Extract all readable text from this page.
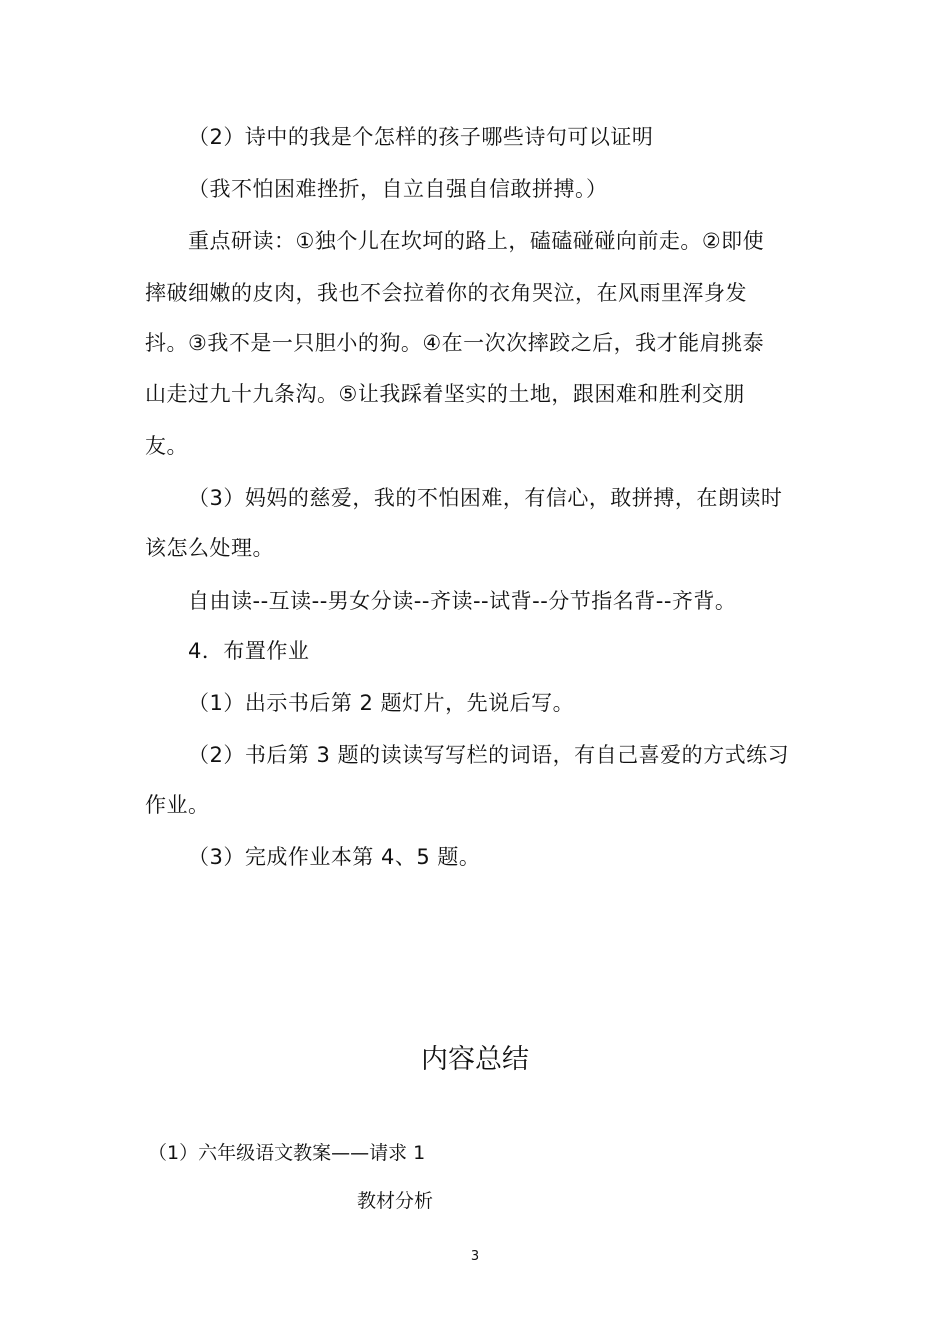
（2）诗中的我是个怎样的孩子哪些诗句可以证明
（我不怕困难挫折，自立自强自信敢拼搏。）
重点研读：①独个儿在坎坷的路上，磕磕碰碰向前走。②即使
摔破细嫩的皮肉，我也不会拉着你的衣角哭泣，在风雨里浑身发
抖。③我不是一只胆小的狗。④在一次次摔跤之后，我才能肩挑泰
山走过九十九条沟。⑤让我踩着坚实的土地，跟困难和胜利交朋
友。
（3）妈妈的慈爱，我的不怕困难，有信心，敢拼搏，在朗读时
该怎么处理。
自由读--互读--男女分读--齐读--试背--分节指名背--齐背。
4．布置作业
（1）出示书后第 2 题灯片，先说后写。
（2）书后第 3 题的读读写写栏的词语，有自己喜爱的方式练习
作业。
（3）完成作业本第 4、5 题。
内容总结
（1）六年级语文教案——请求 1
教材分析
3
